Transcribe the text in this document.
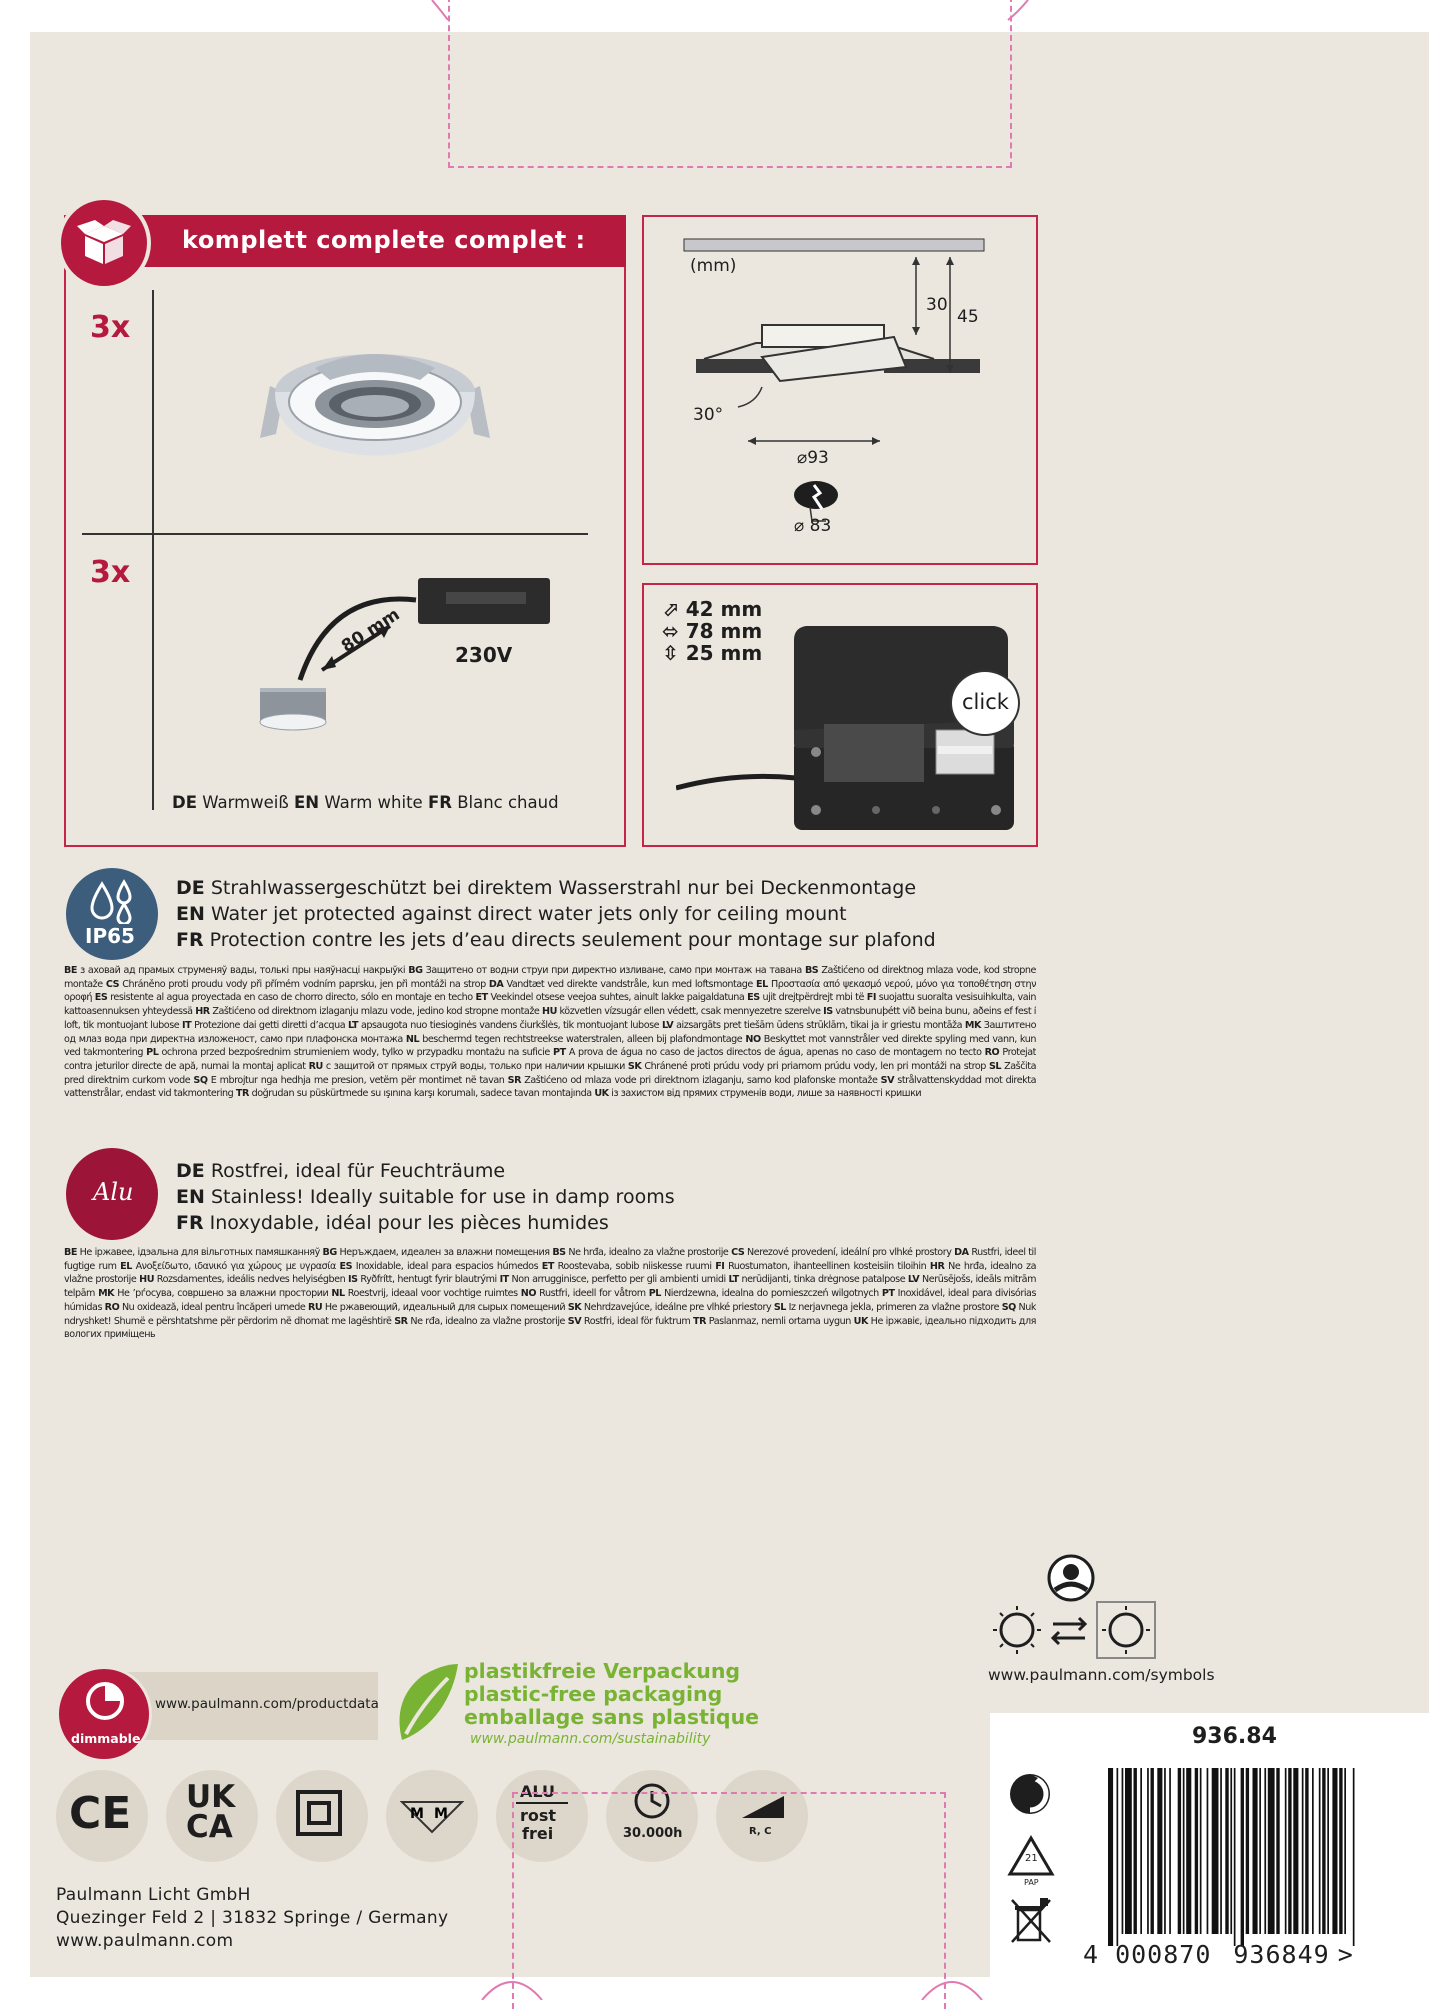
komplett complete complet :
3x
3x
80 mm	230V
DE Warmweiß EN Warm white FR Blanc chaud
(mm)
30
45
30°
⌀93
⌀ 83
⬀ 42 mm
⬄ 78 mm
⇳ 25 mm
click
IP65
DE Strahlwassergeschützt bei direktem Wasserstrahl nur bei Deckenmontage
EN Water jet protected against direct water jets only for ceiling mount
FR Protection contre les jets d’eau directs seulement pour montage sur plafond
BE з аховай ад прамых струменяў вады, толькі пры наяўнасці накрыўкі BG Защитено от водни струи при директно изливане, само при монтаж на тавана BS Zaštićeno od direktnog mlaza vode, kod stropne montaže CS Chráněno proti proudu vody při přímém vodním paprsku, jen při montáži na strop DA Vandtæt ved direkte vandstråle, kun med loftsmontage EL Προστασία από ψεκασμό νερού, μόνο για τοποθέτηση στην οροφή ES resistente al agua proyectada en caso de chorro directo, sólo en montaje en techo ET Veekindel otsese veejoa suhtes, ainult lakke paigaldatuna ES ujit drejtpërdrejt mbi të FI suojattu suoralta vesisuihkulta, vain kattoasennuksen yhteydessä HR Zaštićeno od direktnom izlaganju mlazu vode, jedino kod stropne montaže HU közvetlen vízsugár ellen védett, csak mennyezetre szerelve IS vatnsbunuþétt við beina bunu, aðeins ef fest í loft, tik montuojant lubose IT Protezione dai getti diretti d’acqua LT apsaugota nuo tiesioginės vandens čiurkšlės, tik montuojant lubose LV aizsargāts pret tiešām ūdens strūklām, tikai ja ir griestu montāža MK Заштитено од млаз вода при директна изложеност, само при плафонска монтажа NL beschermd tegen rechtstreekse waterstralen, alleen bij plafondmontage NO Beskyttet mot vannstråler ved direkte spyling med vann, kun ved takmontering PL ochrona przed bezpośrednim strumieniem wody, tylko w przypadku montażu na suficie PT A prova de água no caso de jactos directos de água, apenas no caso de montagem no tecto RO Protejat contra jeturilor directe de apă, numai la montaj aplicat RU с защитой от прямых струй воды, только при наличии крышки SK Chránené proti prúdu vody pri priamom prúdu vody, len pri montáži na strop SL Zaščita pred direktnim curkom vode SQ E mbrojtur nga hedhja me presion, vetëm për montimet në tavan SR Zaštićeno od mlaza vode pri direktnom izlaganju, samo kod plafonske montaže SV strålvattenskyddad mot direkta vattenstrålar, endast vid takmontering TR doğrudan su püskürtmede su ışınına karşı korumalı, sadece tavan montajında UK із захистом від прямих струменів води, лише за наявності кришки
Alu
DE Rostfrei, ideal für Feuchträume
EN Stainless! Ideally suitable for use in damp rooms
FR Inoxydable, idéal pour les pièces humides
BE Не іржавее, ідэальна для вільготных памяшканняў BG Неръждаем, идеален за влажни помещения BS Ne hrđa, idealno za vlažne prostorije CS Nerezové provedení, ideální pro vlhké prostory DA Rustfri, ideel til fugtige rum EL Ανοξείδωτο, ιδανικό για χώρους με υγρασία ES Inoxidable, ideal para espacios húmedos ET Roostevaba, sobib niiskesse ruumi FI Ruostumaton, ihanteellinen kosteisiin tiloihin HR Ne hrđa, idealno za vlažne prostorije HU Rozsdamentes, ideális nedves helyiségben IS Ryðfrítt, hentugt fyrir blautrými IT Non arrugginisce, perfetto per gli ambienti umidi LT nerūdijanti, tinka drėgnose patalpose LV Nerūsējošs, ideāls mitrām telpām MK Не ’рѓосува, совршено за влажни простории NL Roestvrij, ideaal voor vochtige ruimtes NO Rustfri, ideell for våtrom PL Nierdzewna, idealna do pomieszczeń wilgotnych PT Inoxidável, ideal para divisórias húmidas RO Nu oxidează, ideal pentru încăperi umede RU Не ржавеющий, идеальный для сырых помещений SK Nehrdzavejúce, ideálne pre vlhké priestory SL Iz nerjavnega jekla, primeren za vlažne prostore SQ Nuk ndryshket! Shumë e përshtatshme për përdorim në dhomat me lagështirë SR Ne rđa, idealno za vlažne prostorije SV Rostfri, ideal för fuktrum TR Paslanmaz, nemli ortama uygun UK Не іржавіє, ідеально підходить для вологих приміщень
www.paulmann.com/symbols
www.paulmann.com/productdata
dimmable
plastikfreie Verpackung
plastic-free packaging
emballage sans plastique
www.paulmann.com/sustainability
CE UK
CA	M M
ALU
rost
frei	30.000h	R, C
Paulmann Licht GmbH
Quezinger Feld 2 | 31832 Springe / Germany
www.paulmann.com
936.84
21
PAP
4 000870 936849 >
